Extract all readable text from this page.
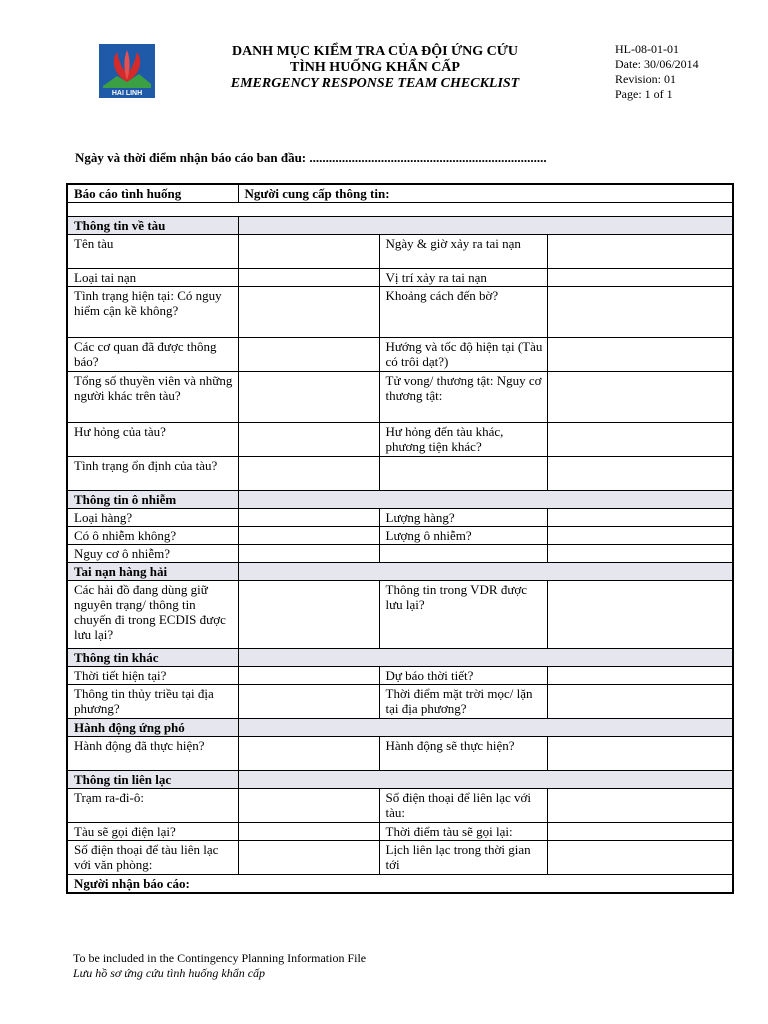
HAI LINH
DANH MỤC KIỂM TRA CỦA ĐỘI ỨNG CỨU
TÌNH HUỐNG KHẨN CẤP
EMERGENCY RESPONSE TEAM CHECKLIST
HL-08-01-01
Date: 30/06/2014
Revision: 01
Page: 1 of 1
Ngày và thời điểm nhận báo cáo ban đầu: .........................................................................
Báo cáo tình huống	Người cung cấp thông tin:		

Thông tin về tàu			
Tên tàu		Ngày & giờ xảy ra tai nạn	
Loại tai nạn		Vị trí xảy ra tai nạn	
Tình trạng hiện tại: Có nguy hiểm cận kề không?		Khoảng cách đến bờ?	
Các cơ quan đã được thông báo?		Hướng và tốc độ hiện tại (Tàu có trôi dạt?)	
Tổng số thuyền viên và những người khác trên tàu?		Tử vong/ thương tật: Nguy cơ thương tật:	
Hư hỏng của tàu?		Hư hỏng đến tàu khác, phương tiện khác?	
Tình trạng ổn định của tàu?			
Thông tin ô nhiễm			
Loại hàng?		Lượng hàng?	
Có ô nhiễm không?		Lượng ô nhiễm?	
Nguy cơ ô nhiễm?			
Tai nạn hàng hải			
Các hải đồ đang dùng giữ nguyên trạng/ thông tin chuyến đi trong ECDIS được lưu lại?		Thông tin trong VDR được lưu lại?	
Thông tin khác			
Thời tiết hiện tại?		Dự báo thời tiết?	
Thông tin thủy triều tại địa phương?		Thời điểm mặt trời mọc/ lặn tại địa phương?	
Hành động ứng phó			
Hành động đã thực hiện?		Hành động sẽ thực hiện?	
Thông tin liên lạc			
Trạm ra-đi-ô:		Số điện thoại để liên lạc với tàu:	
Tàu sẽ gọi điện lại?		Thời điểm tàu sẽ gọi lại:	
Số điện thoại để tàu liên lạc với văn phòng:		Lịch liên lạc trong thời gian tới	
Người nhận báo cáo:			
To be included in the Contingency Planning Information File
Lưu hồ sơ ứng cứu tình huống khẩn cấp
